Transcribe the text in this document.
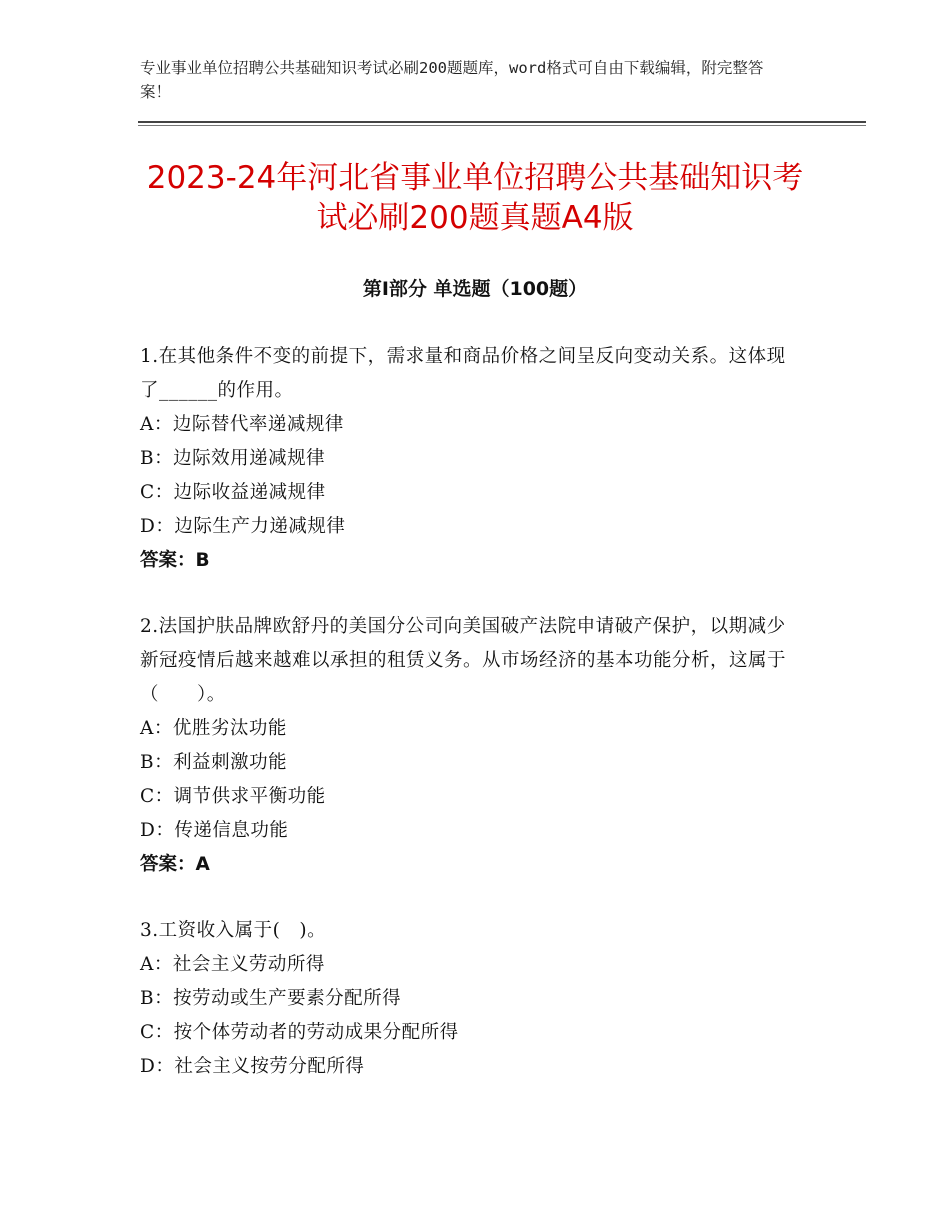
专业事业单位招聘公共基础知识考试必刷200题题库，word格式可自由下载编辑，附完整答案！
2023-24年河北省事业单位招聘公共基础知识考试必刷200题真题A4版
第Ⅰ部分 单选题（100题）

1.在其他条件不变的前提下，需求量和商品价格之间呈反向变动关系。这体现了______的作用。

A：边际替代率递减规律

B：边际效用递减规律

C：边际收益递减规律

D：边际生产力递减规律

答案：B

2.法国护肤品牌欧舒丹的美国分公司向美国破产法院申请破产保护，以期减少新冠疫情后越来越难以承担的租赁义务。从市场经济的基本功能分析，这属于（　　）。

A：优胜劣汰功能

B：利益刺激功能

C：调节供求平衡功能

D：传递信息功能

答案：A

3.工资收入属于(　)。

A：社会主义劳动所得

B：按劳动或生产要素分配所得

C：按个体劳动者的劳动成果分配所得

D：社会主义按劳分配所得
